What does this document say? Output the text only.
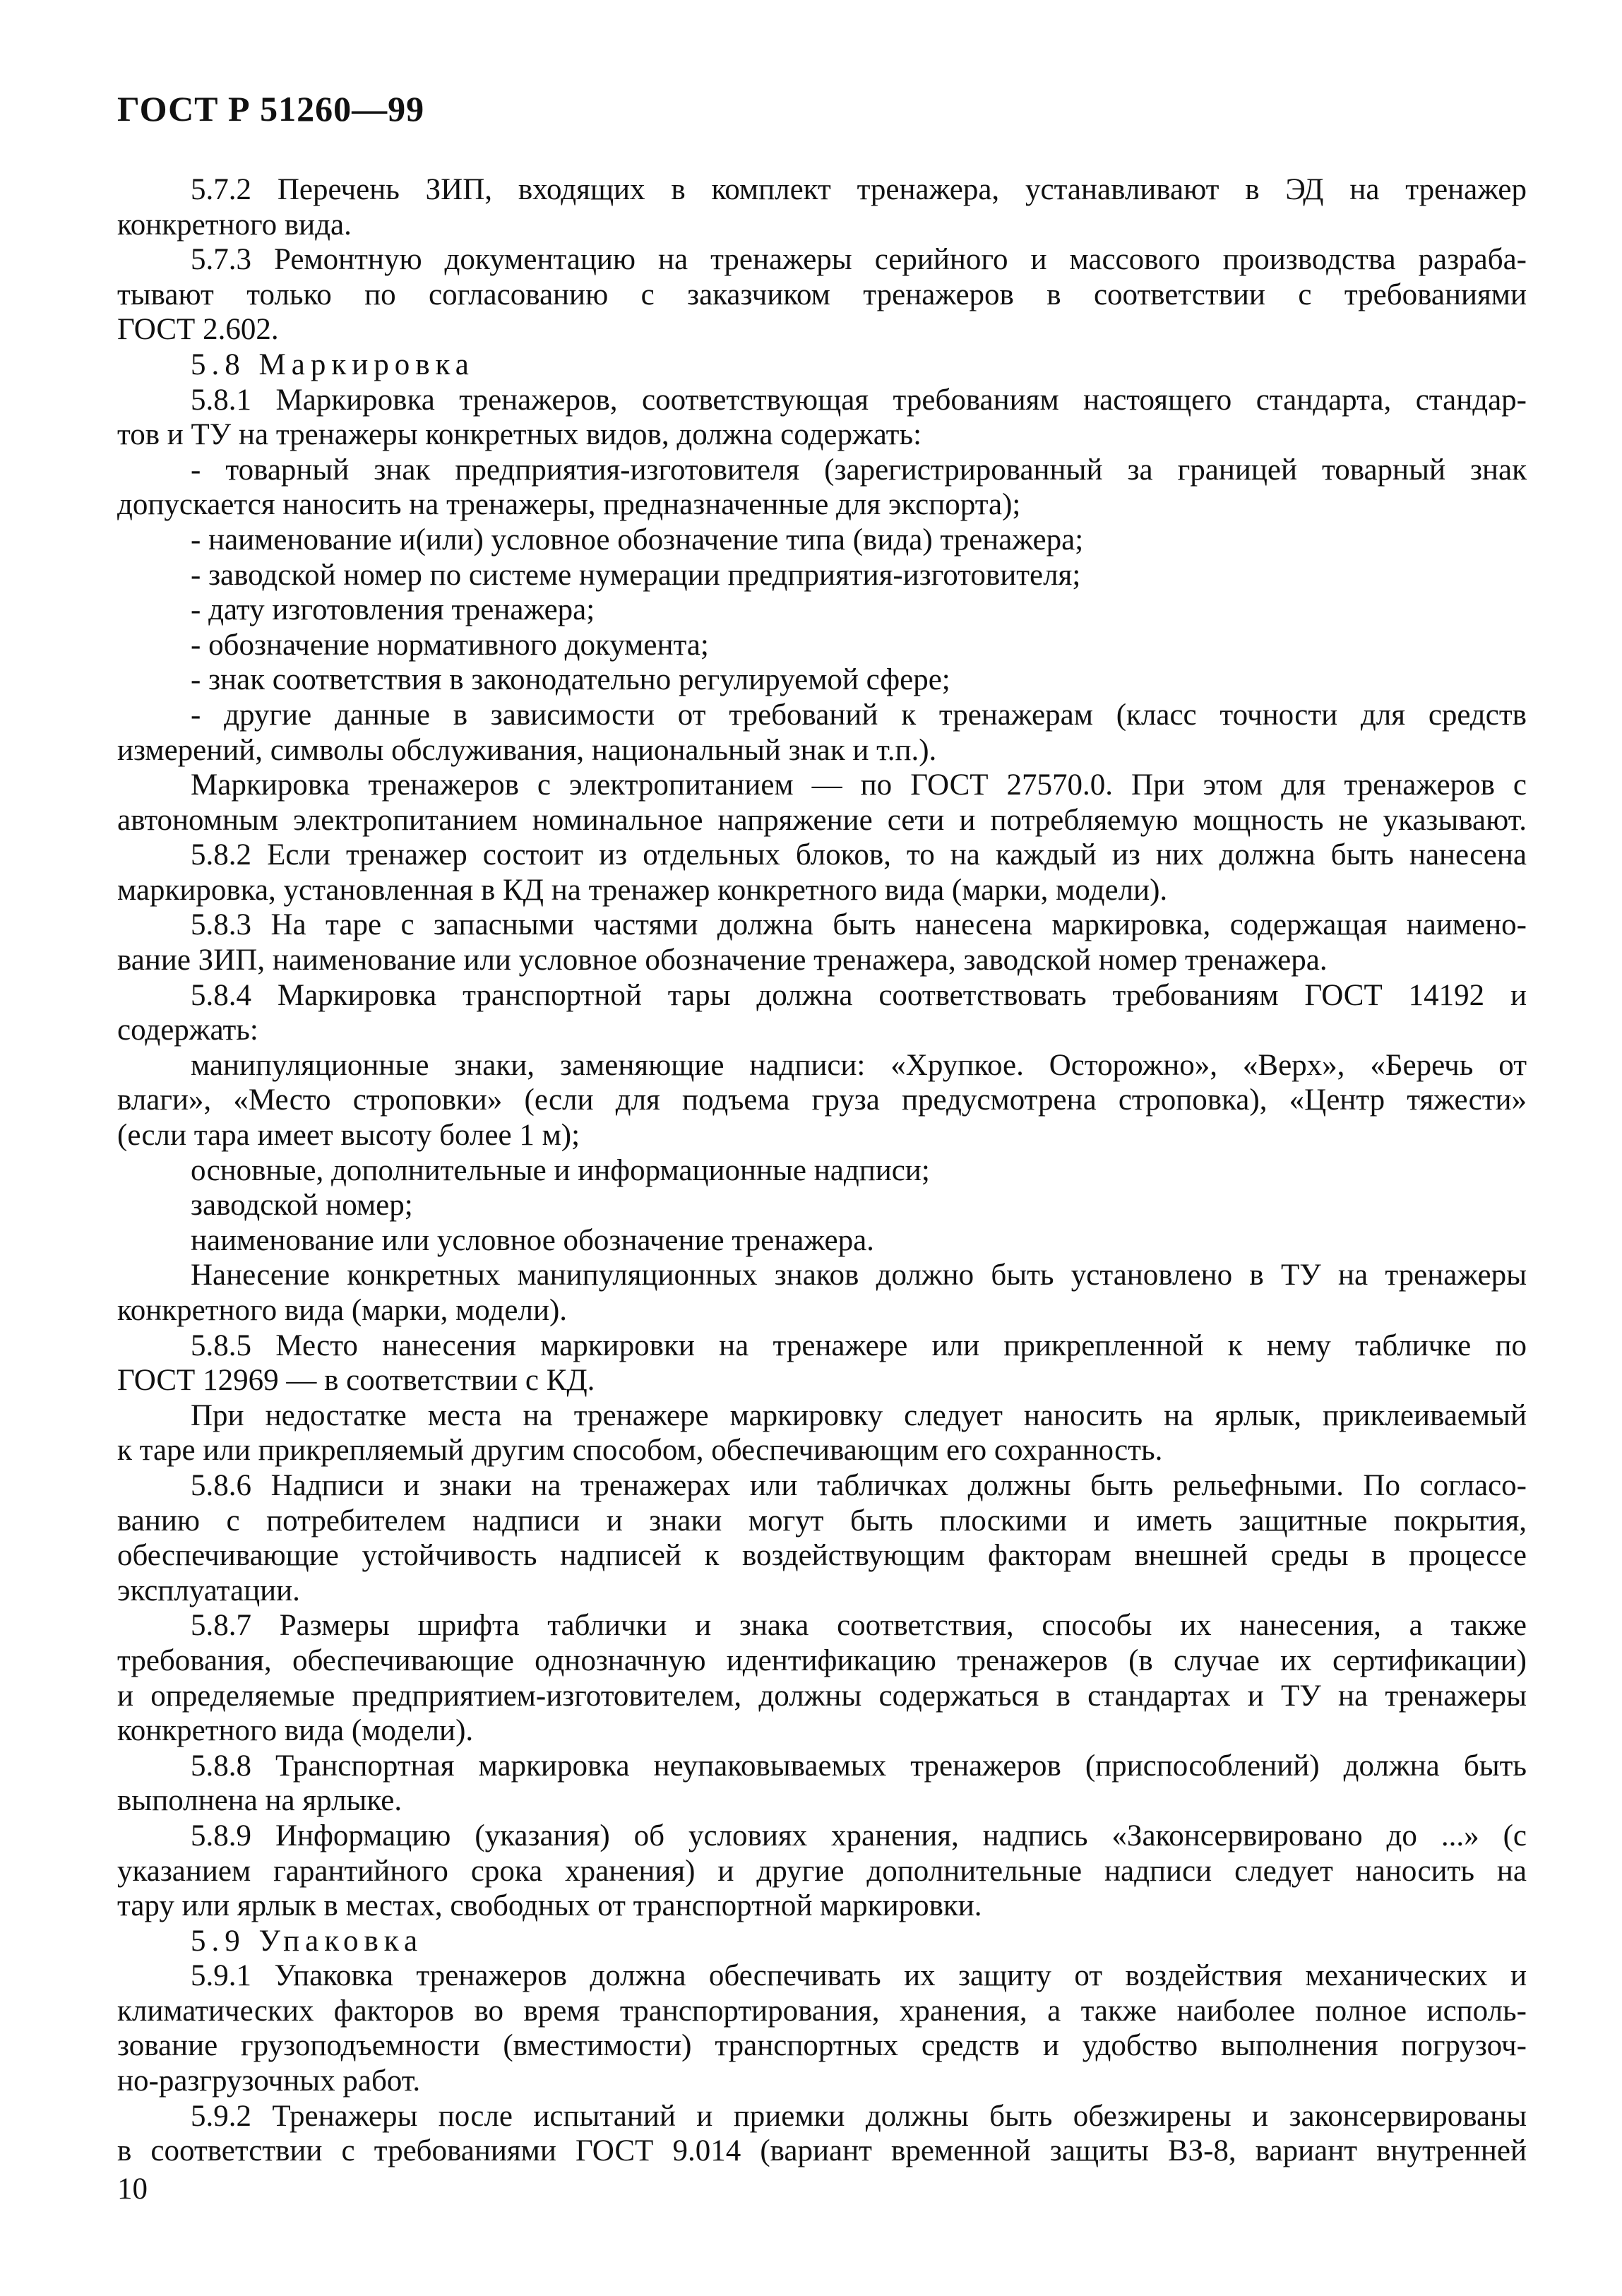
ГОСТ Р 51260—99
5.7.2 Перечень ЗИП, входящих в комплект тренажера, устанавливают в ЭД на тренажер
конкретного вида.
5.7.3 Ремонтную документацию на тренажеры серийного и массового производства разраба-
тывают только по согласованию с заказчиком тренажеров в соответствии с требованиями
ГОСТ 2.602.
5.8 Маркировка
5.8.1 Маркировка тренажеров, соответствующая требованиям настоящего стандарта, стандар-
тов и ТУ на тренажеры конкретных видов, должна содержать:
- товарный знак предприятия-изготовителя (зарегистрированный за границей товарный знак
допускается наносить на тренажеры, предназначенные для экспорта);
- наименование и(или) условное обозначение типа (вида) тренажера;
- заводской номер по системе нумерации предприятия-изготовителя;
- дату изготовления тренажера;
- обозначение нормативного документа;
- знак соответствия в законодательно регулируемой сфере;
- другие данные в зависимости от требований к тренажерам (класс точности для средств
измерений, символы обслуживания, национальный знак и т.п.).
Маркировка тренажеров с электропитанием — по ГОСТ 27570.0. При этом для тренажеров с
автономным электропитанием номинальное напряжение сети и потребляемую мощность не указывают.
5.8.2 Если тренажер состоит из отдельных блоков, то на каждый из них должна быть нанесена
маркировка, установленная в КД на тренажер конкретного вида (марки, модели).
5.8.3 На таре с запасными частями должна быть нанесена маркировка, содержащая наимено-
вание ЗИП, наименование или условное обозначение тренажера, заводской номер тренажера.
5.8.4 Маркировка транспортной тары должна соответствовать требованиям ГОСТ 14192 и
содержать:
манипуляционные знаки, заменяющие надписи: «Хрупкое. Осторожно», «Верх», «Беречь от
влаги», «Место строповки» (если для подъема груза предусмотрена строповка), «Центр тяжести»
(если тара имеет высоту более 1 м);
основные, дополнительные и информационные надписи;
заводской номер;
наименование или условное обозначение тренажера.
Нанесение конкретных манипуляционных знаков должно быть установлено в ТУ на тренажеры
конкретного вида (марки, модели).
5.8.5 Место нанесения маркировки на тренажере или прикрепленной к нему табличке по
ГОСТ 12969 — в соответствии с КД.
При недостатке места на тренажере маркировку следует наносить на ярлык, приклеиваемый
к таре или прикрепляемый другим способом, обеспечивающим его сохранность.
5.8.6 Надписи и знаки на тренажерах или табличках должны быть рельефными. По согласо-
ванию с потребителем надписи и знаки могут быть плоскими и иметь защитные покрытия,
обеспечивающие устойчивость надписей к воздействующим факторам внешней среды в процессе
эксплуатации.
5.8.7 Размеры шрифта таблички и знака соответствия, способы их нанесения, а также
требования, обеспечивающие однозначную идентификацию тренажеров (в случае их сертификации)
и определяемые предприятием-изготовителем, должны содержаться в стандартах и ТУ на тренажеры
конкретного вида (модели).
5.8.8 Транспортная маркировка неупаковываемых тренажеров (приспособлений) должна быть
выполнена на ярлыке.
5.8.9 Информацию (указания) об условиях хранения, надпись «Законсервировано до ...» (с
указанием гарантийного срока хранения) и другие дополнительные надписи следует наносить на
тару или ярлык в местах, свободных от транспортной маркировки.
5.9 Упаковка
5.9.1 Упаковка тренажеров должна обеспечивать их защиту от воздействия механических и
климатических факторов во время транспортирования, хранения, а также наиболее полное исполь-
зование грузоподъемности (вместимости) транспортных средств и удобство выполнения погрузоч-
но-разгрузочных работ.
5.9.2 Тренажеры после испытаний и приемки должны быть обезжирены и законсервированы
в соответствии с требованиями ГОСТ 9.014 (вариант временной защиты ВЗ-8, вариант внутренней
10
